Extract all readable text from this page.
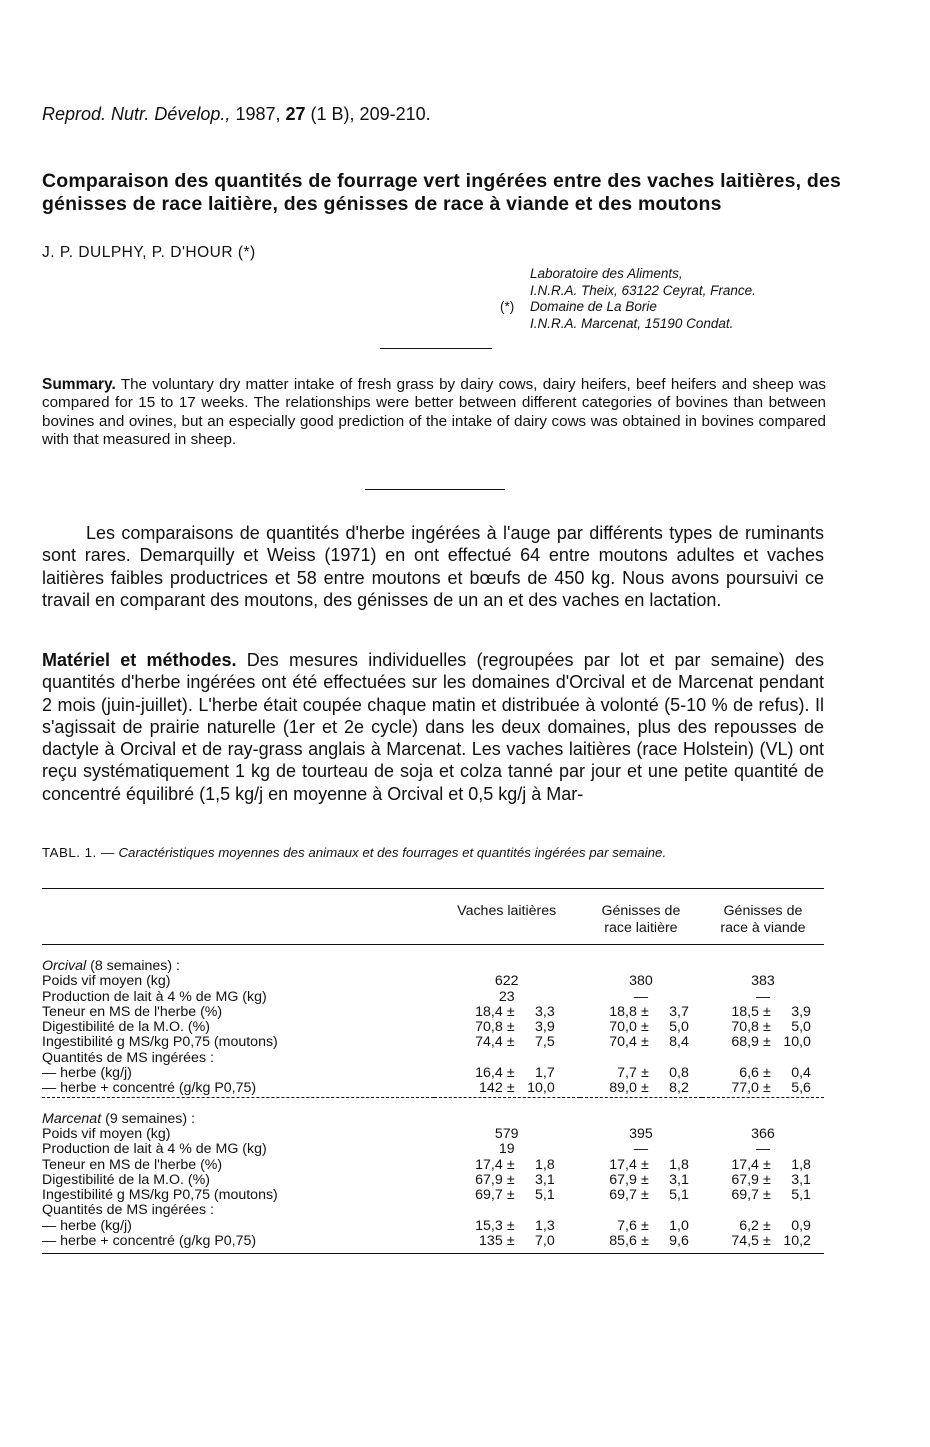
Reprod. Nutr. Dévelop., 1987, 27 (1 B), 209-210.
Comparaison des quantités de fourrage vert ingérées entre des vaches laitières, des génisses de race laitière, des génisses de race à viande et des moutons
J. P. DULPHY, P. D'HOUR (*)
Laboratoire des Aliments,
I.N.R.A. Theix, 63122 Ceyrat, France.
(*) Domaine de La Borie
I.N.R.A. Marcenat, 15190 Condat.
Summary. The voluntary dry matter intake of fresh grass by dairy cows, dairy heifers, beef heifers and sheep was compared for 15 to 17 weeks. The relationships were better between different categories of bovines than between bovines and ovines, but an especially good prediction of the intake of dairy cows was obtained in bovines compared with that measured in sheep.
Les comparaisons de quantités d'herbe ingérées à l'auge par différents types de ruminants sont rares. Demarquilly et Weiss (1971) en ont effectué 64 entre moutons adultes et vaches laitières faibles productrices et 58 entre moutons et bœufs de 450 kg. Nous avons poursuivi ce travail en comparant des moutons, des génisses de un an et des vaches en lactation.
Matériel et méthodes. Des mesures individuelles (regroupées par lot et par semaine) des quantités d'herbe ingérées ont été effectuées sur les domaines d'Orcival et de Marcenat pendant 2 mois (juin-juillet). L'herbe était coupée chaque matin et distribuée à volonté (5-10 % de refus). Il s'agissait de prairie naturelle (1er et 2e cycle) dans les deux domaines, plus des repousses de dactyle à Orcival et de ray-grass anglais à Marcenat. Les vaches laitières (race Holstein) (VL) ont reçu systématiquement 1 kg de tourteau de soja et colza tanné par jour et une petite quantité de concentré équilibré (1,5 kg/j en moyenne à Orcival et 0,5 kg/j à Mar-
TABL. 1. — Caractéristiques moyennes des animaux et des fourrages et quantités ingérées par semaine.
	Vaches laitières	Génisses de race laitière	Génisses de race à viande
Orcival (8 semaines) :			
Poids vif moyen (kg)	622	380	383
Production de lait à 4 % de MG (kg)	23	—	—
Teneur en MS de l'herbe (%)	18,4 ± 3,3	18,8 ± 3,7	18,5 ± 3,9
Digestibilité de la M.O. (%)	70,8 ± 3,9	70,0 ± 5,0	70,8 ± 5,0
Ingestibilité g MS/kg P0,75 (moutons)	74,4 ± 7,5	70,4 ± 8,4	68,9 ± 10,0
Quantités de MS ingérées :			
— herbe (kg/j)	16,4 ± 1,7	7,7 ± 0,8	6,6 ± 0,4
— herbe + concentré (g/kg P0,75)	142 ± 10,0	89,0 ± 8,2	77,0 ± 5,6
Marcenat (9 semaines) :			
Poids vif moyen (kg)	579	395	366
Production de lait à 4 % de MG (kg)	19	—	—
Teneur en MS de l'herbe (%)	17,4 ± 1,8	17,4 ± 1,8	17,4 ± 1,8
Digestibilité de la M.O. (%)	67,9 ± 3,1	67,9 ± 3,1	67,9 ± 3,1
Ingestibilité g MS/kg P0,75 (moutons)	69,7 ± 5,1	69,7 ± 5,1	69,7 ± 5,1
Quantités de MS ingérées :			
— herbe (kg/j)	15,3 ± 1,3	7,6 ± 1,0	6,2 ± 0,9
— herbe + concentré (g/kg P0,75)	135 ± 7,0	85,6 ± 9,6	74,5 ± 10,2
